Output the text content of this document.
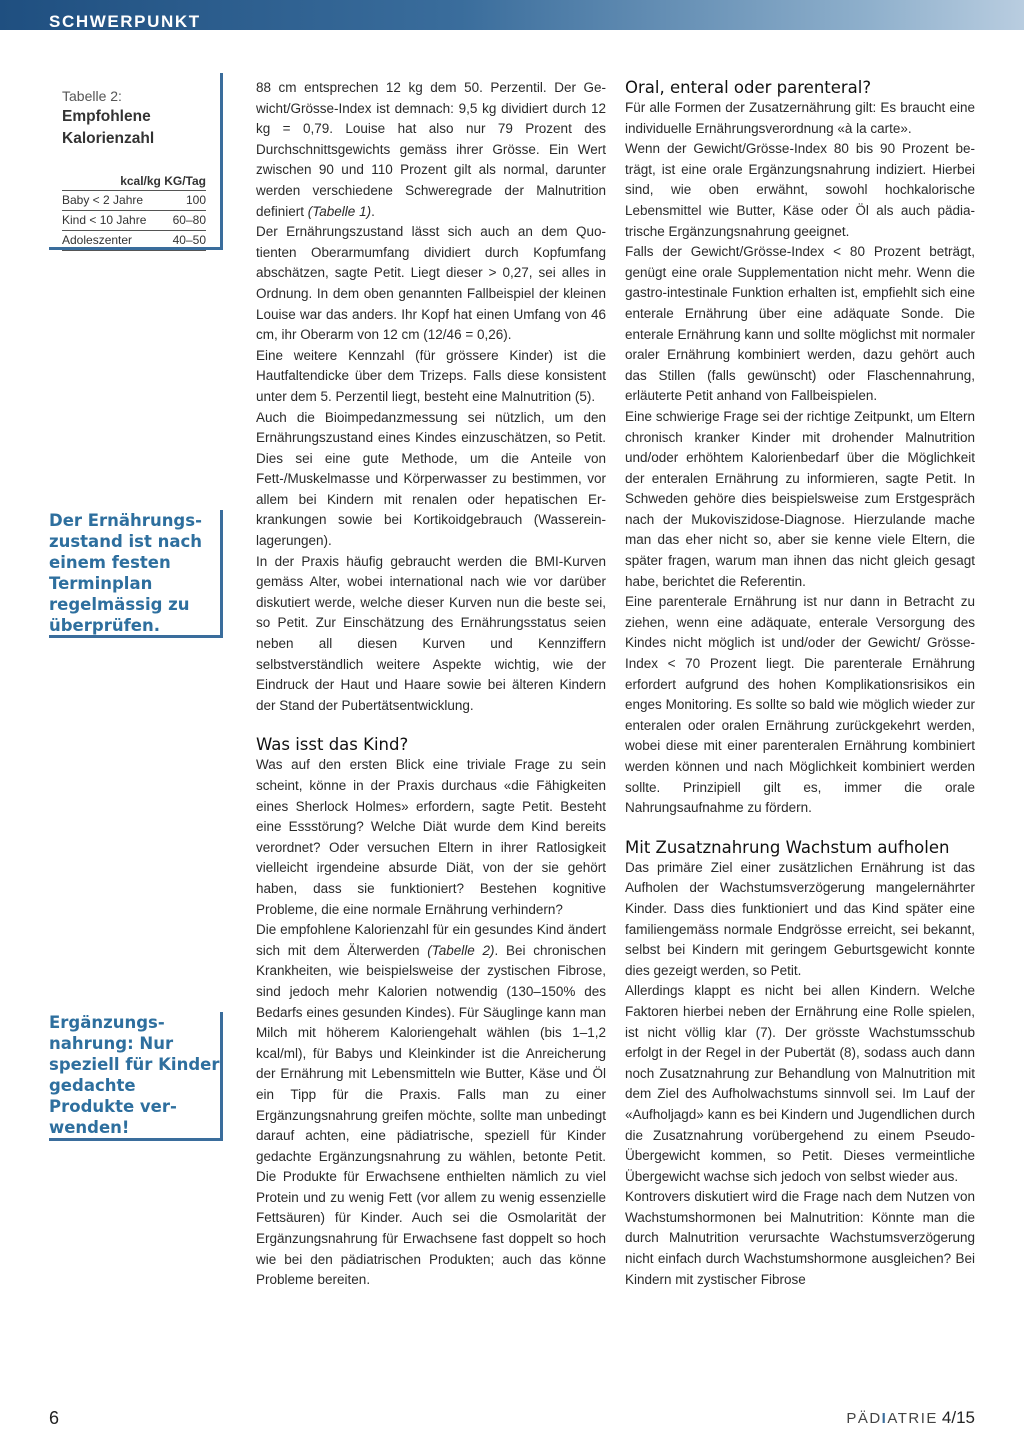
SCHWERPUNKT
Tabelle 2:
Empfohlene Kalorienzahl
kcal/kg KG/Tag
Baby < 2 Jahre	100
Kind < 10 Jahre 60–80
Adoleszenter	40–50
Der Ernährungszustand ist nach einem festen Terminplan regelmässig zu überprüfen.
Ergänzungsnahrung: Nur speziell für Kinder gedachte Produkte verwenden!

88 cm entsprechen 12 kg dem 50. Perzentil. Der Gewicht/Grösse-Index ist demnach: 9,5 kg dividiert durch 12 kg = 0,79. Louise hat also nur 79 Prozent des Durchschnittsgewichts gemäss ihrer Grösse. Ein Wert zwischen 90 und 110 Prozent gilt als normal, darunter werden verschiedene Schweregrade der Malnutrition definiert (Tabelle 1).

Der Ernährungszustand lässt sich auch an dem Quotienten Oberarmumfang dividiert durch Kopfumfang abschätzen, sagte Petit. Liegt dieser > 0,27, sei alles in Ordnung. In dem oben genannten Fallbeispiel der kleinen Louise war das anders. Ihr Kopf hat einen Umfang von 46 cm, ihr Oberarm von 12 cm (12/46 = 0,26).

Eine weitere Kennzahl (für grössere Kinder) ist die Hautfaltendicke über dem Trizeps. Falls diese konsistent unter dem 5. Perzentil liegt, besteht eine Malnutrition (5).

Auch die Bioimpedanzmessung sei nützlich, um den Ernährungszustand eines Kindes einzuschätzen, so Petit. Dies sei eine gute Methode, um die Anteile von Fett-/Muskelmasse und Körperwasser zu bestimmen, vor allem bei Kindern mit renalen oder hepatischen Erkrankungen sowie bei Kortikoidgebrauch (Wassereinlagerungen).

In der Praxis häufig gebraucht werden die BMI-Kurven gemäss Alter, wobei international nach wie vor darüber diskutiert werde, welche dieser Kurven nun die beste sei, so Petit. Zur Einschätzung des Ernährungsstatus seien neben all diesen Kurven und Kennziffern selbstverständlich weitere Aspekte wichtig, wie der Eindruck der Haut und Haare sowie bei älteren Kindern der Stand der Pubertätsentwicklung.

Was isst das Kind?

Was auf den ersten Blick eine triviale Frage zu sein scheint, könne in der Praxis durchaus «die Fähigkeiten eines Sherlock Holmes» erfordern, sagte Petit. Besteht eine Essstörung? Welche Diät wurde dem Kind bereits verordnet? Oder versuchen Eltern in ihrer Ratlosigkeit vielleicht irgendeine absurde Diät, von der sie gehört haben, dass sie funktioniert? Bestehen kognitive Probleme, die eine normale Ernährung verhindern?

Die empfohlene Kalorienzahl für ein gesundes Kind ändert sich mit dem Älterwerden (Tabelle 2). Bei chronischen Krankheiten, wie beispielsweise der zystischen Fibrose, sind jedoch mehr Kalorien notwendig (130–150% des Bedarfs eines gesunden Kindes). Für Säuglinge kann man Milch mit höherem Kaloriengehalt wählen (bis 1–1,2 kcal/ml), für Babys und Kleinkinder ist die Anreicherung der Ernährung mit Lebensmitteln wie Butter, Käse und Öl ein Tipp für die Praxis. Falls man zu einer Ergänzungsnahrung greifen möchte, sollte man unbedingt darauf achten, eine pädiatrische, speziell für Kinder gedachte Ergänzungsnahrung zu wählen, betonte Petit. Die Produkte für Erwachsene enthielten nämlich zu viel Protein und zu wenig Fett (vor allem zu wenig essenzielle Fettsäuren) für Kinder. Auch sei die Osmolarität der Ergänzungsnahrung für Erwachsene fast doppelt so hoch wie bei den pädiatrischen Produkten; auch das könne Probleme bereiten.

Oral, enteral oder parenteral?

Für alle Formen der Zusatzernährung gilt: Es braucht eine individuelle Ernährungsverordnung «à la carte».

Wenn der Gewicht/Grösse-Index 80 bis 90 Prozent beträgt, ist eine orale Ergänzungsnahrung indiziert. Hierbei sind, wie oben erwähnt, sowohl hochkalorische Lebensmittel wie Butter, Käse oder Öl als auch pädiatrische Ergänzungsnahrung geeignet.

Falls der Gewicht/Grösse-Index < 80 Prozent beträgt, genügt eine orale Supplementation nicht mehr. Wenn die gastro-intestinale Funktion erhalten ist, empfiehlt sich eine enterale Ernährung über eine adäquate Sonde. Die enterale Ernährung kann und sollte möglichst mit normaler oraler Ernährung kombiniert werden, dazu gehört auch das Stillen (falls gewünscht) oder Flaschennahrung, erläuterte Petit anhand von Fallbeispielen.

Eine schwierige Frage sei der richtige Zeitpunkt, um Eltern chronisch kranker Kinder mit drohender Malnutrition und/oder erhöhtem Kalorienbedarf über die Möglichkeit der enteralen Ernährung zu informieren, sagte Petit. In Schweden gehöre dies beispielsweise zum Erstgespräch nach der Mukoviszidose-Diagnose. Hierzulande mache man das eher nicht so, aber sie kenne viele Eltern, die später fragen, warum man ihnen das nicht gleich gesagt habe, berichtet die Referentin.

Eine parenterale Ernährung ist nur dann in Betracht zu ziehen, wenn eine adäquate, enterale Versorgung des Kindes nicht möglich ist und/oder der Gewicht/ Grösse-Index < 70 Prozent liegt. Die parenterale Ernährung erfordert aufgrund des hohen Komplikationsrisikos ein enges Monitoring. Es sollte so bald wie möglich wieder zur enteralen oder oralen Ernährung zurückgekehrt werden, wobei diese mit einer parenteralen Ernährung kombiniert werden können und nach Möglichkeit kombiniert werden sollte. Prinzipiell gilt es, immer die orale Nahrungsaufnahme zu fördern.

Mit Zusatznahrung Wachstum aufholen

Das primäre Ziel einer zusätzlichen Ernährung ist das Aufholen der Wachstumsverzögerung mangelernährter Kinder. Dass dies funktioniert und das Kind später eine familiengemäss normale Endgrösse erreicht, sei bekannt, selbst bei Kindern mit geringem Geburtsgewicht konnte dies gezeigt werden, so Petit.

Allerdings klappt es nicht bei allen Kindern. Welche Faktoren hierbei neben der Ernährung eine Rolle spielen, ist nicht völlig klar (7). Der grösste Wachstumsschub erfolgt in der Regel in der Pubertät (8), sodass auch dann noch Zusatznahrung zur Behandlung von Malnutrition mit dem Ziel des Aufholwachstums sinnvoll sei. Im Lauf der «Aufholjagd» kann es bei Kindern und Jugendlichen durch die Zusatznahrung vorübergehend zu einem Pseudo-Übergewicht kommen, so Petit. Dieses vermeintliche Übergewicht wachse sich jedoch von selbst wieder aus.

Kontrovers diskutiert wird die Frage nach dem Nutzen von Wachstumshormonen bei Malnutrition: Könnte man die durch Malnutrition verursachte Wachstumsverzögerung nicht einfach durch Wachstumshormone ausgleichen? Bei Kindern mit zystischer Fibrose

6	PÄDIATRIE 4/15
